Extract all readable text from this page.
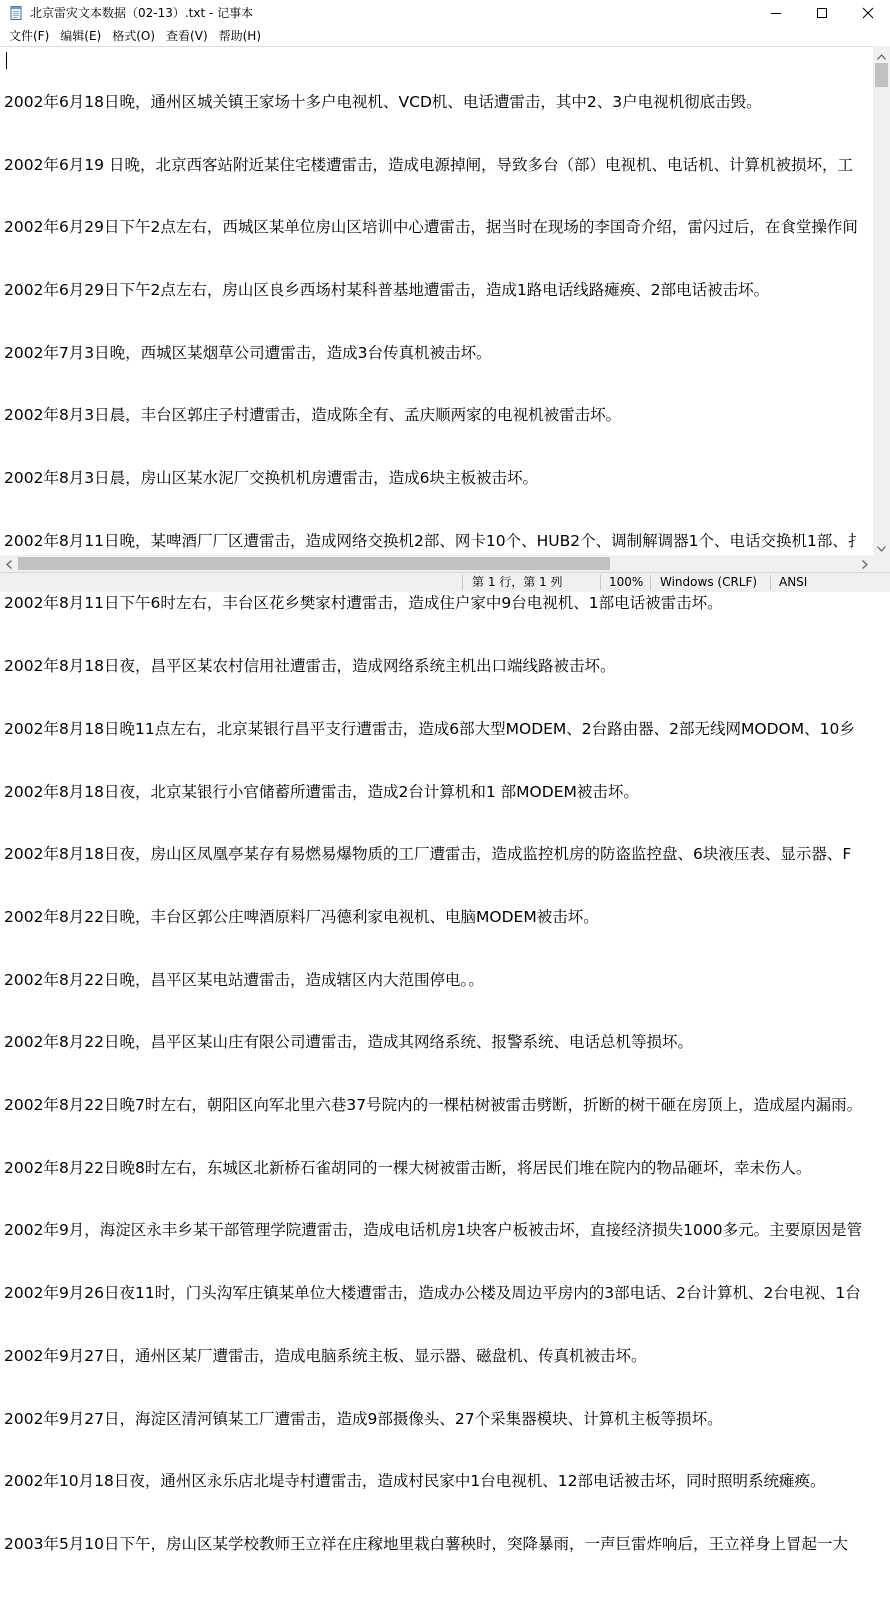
北京雷灾文本数据（02-13）.txt - 记事本
文件(F) 编辑(E) 格式(O) 查看(V) 帮助(H)

2002年6月18日晚，通州区城关镇王家场十多户电视机、VCD机、电话遭雷击，其中2、3户电视机彻底击毁。

2002年6月19 日晚，北京西客站附近某住宅楼遭雷击，造成电源掉闸，导致多台（部）电视机、电话机、计算机被损坏，工

2002年6月29日下午2点左右，西城区某单位房山区培训中心遭雷击，据当时在现场的李国奇介绍，雷闪过后，在食堂操作间

2002年6月29日下午2点左右，房山区良乡西场村某科普基地遭雷击，造成1路电话线路瘫痪、2部电话被击坏。

2002年7月3日晚，西城区某烟草公司遭雷击，造成3台传真机被击坏。

2002年8月3日晨，丰台区郭庄子村遭雷击，造成陈全有、孟庆顺两家的电视机被雷击坏。

2002年8月3日晨，房山区某水泥厂交换机机房遭雷击，造成6块主板被击坏。

2002年8月11日晚，某啤酒厂厂区遭雷击，造成网络交换机2部、网卡10个、HUB2个、调制解调器1个、电话交换机1部、扌

2002年8月11日下午6时左右，丰台区花乡樊家村遭雷击，造成住户家中9台电视机、1部电话被雷击坏。

2002年8月18日夜，昌平区某农村信用社遭雷击，造成网络系统主机出口端线路被击坏。

2002年8月18日晚11点左右，北京某银行昌平支行遭雷击，造成6部大型MODEM、2台路由器、2部无线网MODOM、10乡

2002年8月18日夜，北京某银行小官储蓄所遭雷击，造成2台计算机和1 部MODEM被击坏。

2002年8月18日夜，房山区凤凰亭某存有易燃易爆物质的工厂遭雷击，造成监控机房的防盗监控盘、6块液压表、显示器、F

2002年8月22日晚，丰台区郭公庄啤酒原料厂冯德利家电视机、电脑MODEM被击坏。

2002年8月22日晚，昌平区某电站遭雷击，造成辖区内大范围停电。。

2002年8月22日晚，昌平区某山庄有限公司遭雷击，造成其网络系统、报警系统、电话总机等损坏。

2002年8月22日晚7时左右，朝阳区向军北里六巷37号院内的一棵枯树被雷击劈断，折断的树干砸在房顶上，造成屋内漏雨。

2002年8月22日晚8时左右，东城区北新桥石雀胡同的一棵大树被雷击断，将居民们堆在院内的物品砸坏，幸未伤人。

2002年9月，海淀区永丰乡某干部管理学院遭雷击，造成电话机房1块客户板被击坏，直接经济损失1000多元。主要原因是管

2002年9月26日夜11时，门头沟军庄镇某单位大楼遭雷击，造成办公楼及周边平房内的3部电话、2台计算机、2台电视、1台

2002年9月27日，通州区某厂遭雷击，造成电脑系统主板、显示器、磁盘机、传真机被击坏。

2002年9月27日，海淀区清河镇某工厂遭雷击，造成9部摄像头、27个采集器模块、计算机主板等损坏。

2002年10月18日夜，通州区永乐店北堤寺村遭雷击，造成村民家中1台电视机、12部电话被击坏，同时照明系统瘫痪。

2003年5月10日下午，房山区某学校教师王立祥在庄稼地里栽白薯秧时，突降暴雨，一声巨雷炸响后，王立祥身上冒起一大

第 1 行，第 1 列	100% Windows (CRLF) ANSI
